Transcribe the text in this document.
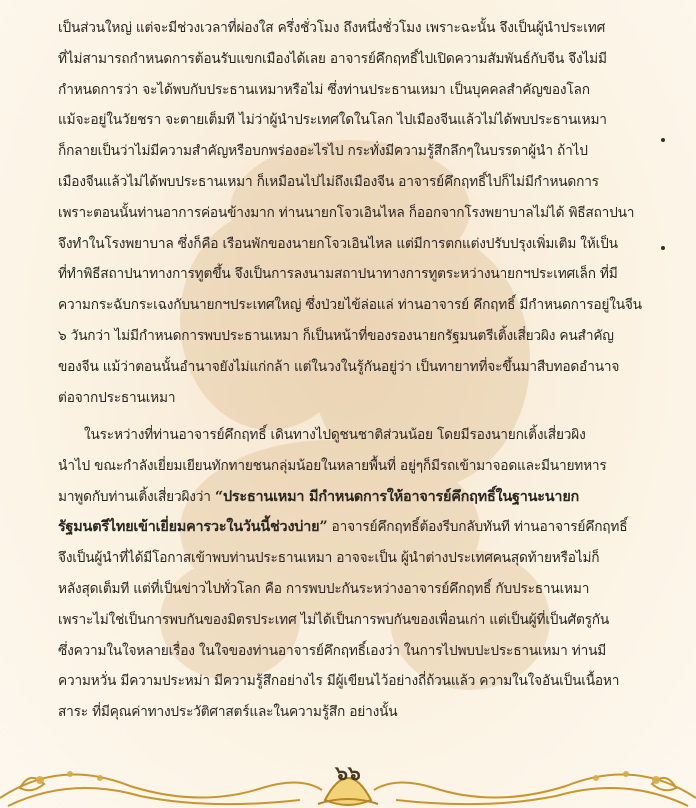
เป็นส่วนใหญ่ แต่จะมีช่วงเวลาที่ผ่องใส ครึ่งชั่วโมง ถึงหนึ่งชั่วโมง เพราะฉะนั้น จึงเป็นผู้นำประเทศ
ที่ไม่สามารถกำหนดการต้อนรับแขกเมืองได้เลย อาจารย์คึกฤทธิ์ไปเปิดความสัมพันธ์กับจีน จึงไม่มี
กำหนดการว่า จะได้พบกับประธานเหมาหรือไม่ ซึ่งท่านประธานเหมา เป็นบุคคลสำคัญของโลก
แม้จะอยู่ในวัยชรา จะตายเต็มที ไม่ว่าผู้นำประเทศใดในโลก ไปเมืองจีนแล้วไม่ได้พบประธานเหมา
ก็กลายเป็นว่าไม่มีความสำคัญหรือบกพร่องอะไรไป กระทั่งมีความรู้สึกลึกๆในบรรดาผู้นำ ถ้าไป
เมืองจีนแล้วไม่ได้พบประธานเหมา ก็เหมือนไปไม่ถึงเมืองจีน อาจารย์คึกฤทธิ์ไปก็ไม่มีกำหนดการ
เพราะตอนนั้นท่านอาการค่อนข้างมาก ท่านนายกโจวเอินไหล ก็ออกจากโรงพยาบาลไม่ได้ พิธีสถาปนา
จึงทำในโรงพยาบาล ซึ่งก็คือ เรือนพักของนายกโจวเอินไหล แต่มีการตกแต่งปรับปรุงเพิ่มเติม ให้เป็น
ที่ทำพิธีสถาปนาทางการทูตขึ้น จึงเป็นการลงนามสถาปนาทางการทูตระหว่างนายกฯประเทศเล็ก ที่มี
ความกระฉับกระเฉงกับนายกฯประเทศใหญ่ ซึ่งป่วยไข้ล่อแล่ ท่านอาจารย์ คึกฤทธิ์ มีกำหนดการอยู่ในจีน
๖ วันกว่า ไม่มีกำหนดการพบประธานเหมา ก็เป็นหน้าที่ของรองนายกรัฐมนตรีเติ้งเสี่ยวผิง คนสำคัญ
ของจีน แม้ว่าตอนนั้นอำนาจยังไม่แก่กล้า แต่ในวงในรู้กันอยู่ว่า เป็นทายาทที่จะขึ้นมาสืบทอดอำนาจ
ต่อจากประธานเหมา
ในระหว่างที่ท่านอาจารย์คึกฤทธิ์ เดินทางไปดูชนชาติส่วนน้อย โดยมีรองนายกเติ้งเสี่ยวผิง
นำไป ขณะกำลังเยี่ยมเยียนทักทายชนกลุ่มน้อยในหลายพื้นที่ อยู่ๆก็มีรถเข้ามาจอดและมีนายทหาร
มาพูดกับท่านเติ้งเสี่ยวผิงว่า “ประธานเหมา มีกำหนดการให้อาจารย์คึกฤทธิ์ในฐานะนายก
รัฐมนตรีไทยเข้าเยี่ยมคารวะในวันนี้ช่วงบ่าย” อาจารย์คึกฤทธิ์ต้องรีบกลับทันที ท่านอาจารย์คึกฤทธิ์
จึงเป็นผู้นำที่ได้มีโอกาสเข้าพบท่านประธานเหมา อาจจะเป็น ผู้นำต่างประเทศคนสุดท้ายหรือไม่ก็
หลังสุดเต็มที แต่ที่เป็นข่าวไปทั่วโลก คือ การพบปะกันระหว่างอาจารย์คึกฤทธิ์ กับประธานเหมา
เพราะไม่ใช่เป็นการพบกันของมิตรประเทศ ไม่ได้เป็นการพบกันของเพื่อนเก่า แต่เป็นผู้ที่เป็นศัตรูกัน
ซึ่งความในใจหลายเรื่อง ในใจของท่านอาจารย์คึกฤทธิ์เองว่า ในการไปพบปะประธานเหมา ท่านมี
ความหวั่น มีความประหม่า มีความรู้สึกอย่างไร มีผู้เขียนไว้อย่างถี่ถ้วนแล้ว ความในใจอันเป็นเนื้อหา
สาระ ที่มีคุณค่าทางประวัติศาสตร์และในความรู้สึก อย่างนั้น
๖๖
